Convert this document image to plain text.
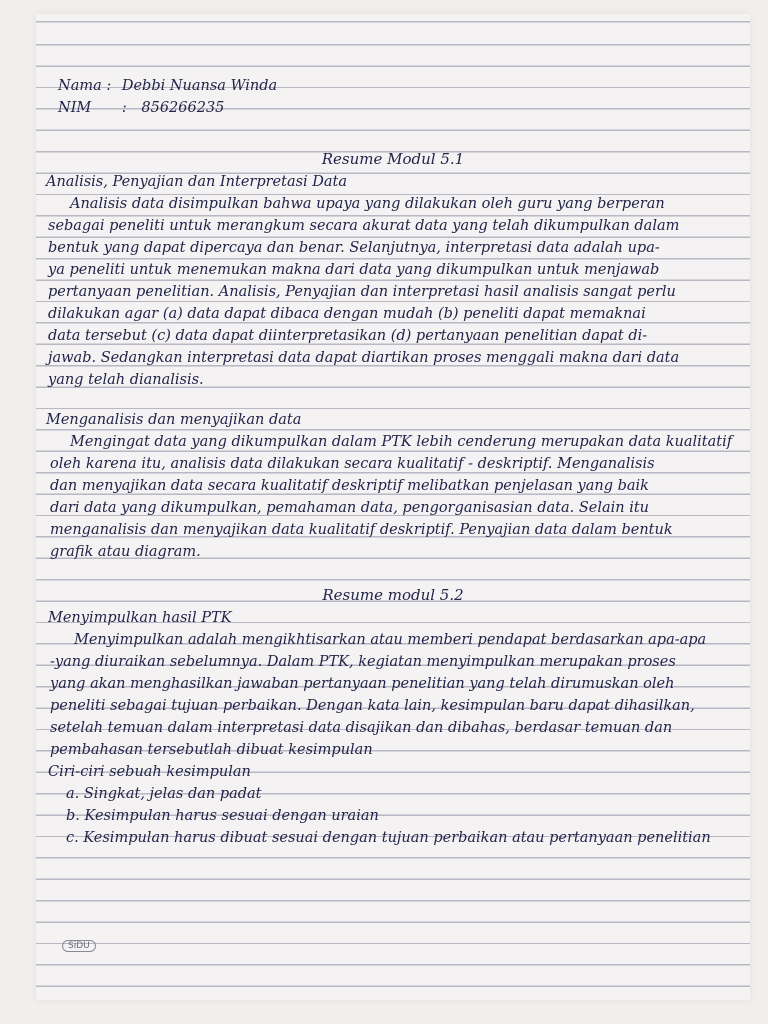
Nama : Debbi Nuansa Winda
NIM : 856266235
Resume Modul 5.1
Analisis, Penyajian dan Interpretasi Data
Analisis data disimpulkan bahwa upaya yang dilakukan oleh guru yang berperan
sebagai peneliti untuk merangkum secara akurat data yang telah dikumpulkan dalam
bentuk yang dapat dipercaya dan benar. Selanjutnya, interpretasi data adalah upa-
ya peneliti untuk menemukan makna dari data yang dikumpulkan untuk menjawab
pertanyaan penelitian. Analisis, Penyajian dan interpretasi hasil analisis sangat perlu
dilakukan agar (a) data dapat dibaca dengan mudah (b) peneliti dapat memaknai
data tersebut (c) data dapat diinterpretasikan (d) pertanyaan penelitian dapat di-
jawab. Sedangkan interpretasi data dapat diartikan proses menggali makna dari data
yang telah dianalisis.
Menganalisis dan menyajikan data
Mengingat data yang dikumpulkan dalam PTK lebih cenderung merupakan data kualitatif
oleh karena itu, analisis data dilakukan secara kualitatif - deskriptif. Menganalisis
dan menyajikan data secara kualitatif deskriptif melibatkan penjelasan yang baik
dari data yang dikumpulkan, pemahaman data, pengorganisasian data. Selain itu
menganalisis dan menyajikan data kualitatif deskriptif. Penyajian data dalam bentuk
grafik atau diagram.
Resume modul 5.2
Menyimpulkan hasil PTK
Menyimpulkan adalah mengikhtisarkan atau memberi pendapat berdasarkan apa-apa
-yang diuraikan sebelumnya. Dalam PTK, kegiatan menyimpulkan merupakan proses
yang akan menghasilkan jawaban pertanyaan penelitian yang telah dirumuskan oleh
peneliti sebagai tujuan perbaikan. Dengan kata lain, kesimpulan baru dapat dihasilkan,
setelah temuan dalam interpretasi data disajikan dan dibahas, berdasar temuan dan
pembahasan tersebutlah dibuat kesimpulan
Ciri-ciri sebuah kesimpulan
a. Singkat, jelas dan padat
b. Kesimpulan harus sesuai dengan uraian
c. Kesimpulan harus dibuat sesuai dengan tujuan perbaikan atau pertanyaan penelitian
SiDU
